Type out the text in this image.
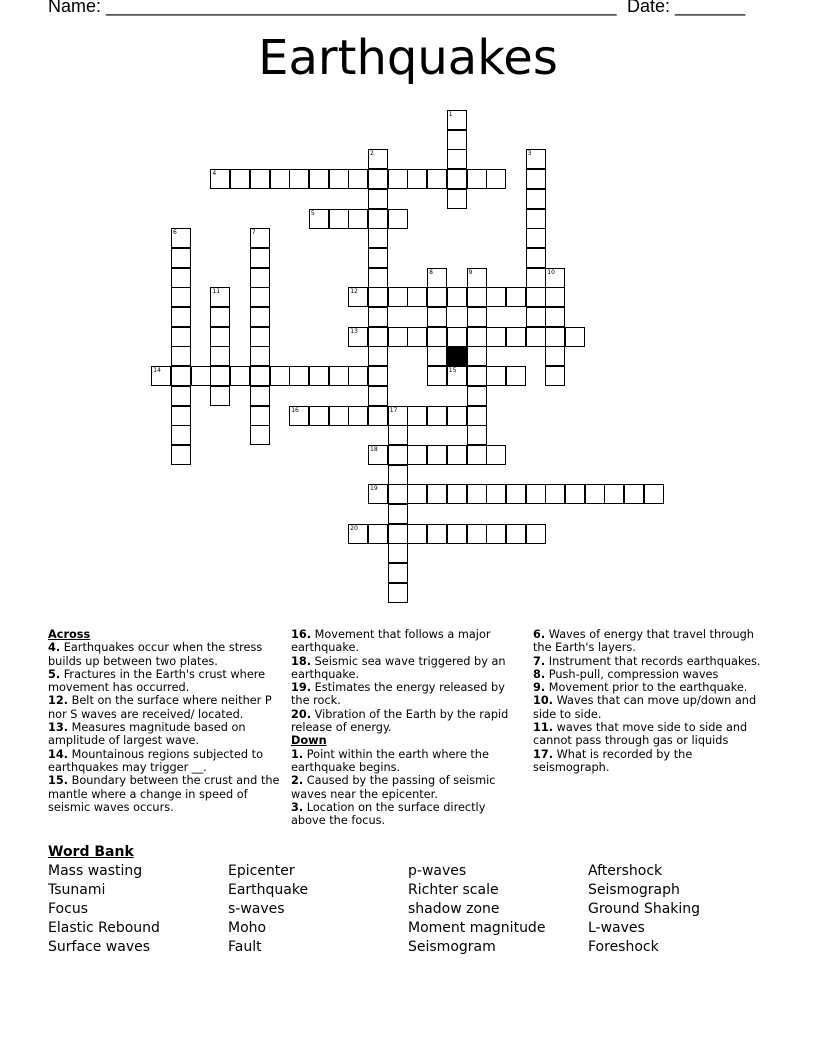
Name: ___________________________________________________ Date: _______
Earthquakes
1
2	3
4
5
6	7
8	9	10
11	12
13
14	15
16	17
18
19
20
Across
4. Earthquakes occur when the stress builds up between two plates.
5. Fractures in the Earth's crust where movement has occurred.
12. Belt on the surface where neither P nor S waves are received/ located.
13. Measures magnitude based on amplitude of largest wave.
14. Mountainous regions subjected to earthquakes may trigger __.
15. Boundary between the crust and the mantle where a change in speed of seismic waves occurs.
16. Movement that follows a major earthquake.
18. Seismic sea wave triggered by an earthquake.
19. Estimates the energy released by the rock.
20. Vibration of the Earth by the rapid release of energy.
Down
1. Point within the earth where the earthquake begins.
2. Caused by the passing of seismic waves near the epicenter.
3. Location on the surface directly above the focus.
6. Waves of energy that travel through the Earth's layers.
7. Instrument that records earthquakes.
8. Push-pull, compression waves
9. Movement prior to the earthquake.
10. Waves that can move up/down and side to side.
11. waves that move side to side and cannot pass through gas or liquids
17. What is recorded by the seismograph.
Word Bank
Mass wasting	Epicenter	p-waves	Aftershock
Tsunami	Earthquake	Richter scale	Seismograph
Focus	s-waves	shadow zone	Ground Shaking
Elastic Rebound	Moho	Moment magnitude	L-waves
Surface waves	Fault	Seismogram	Foreshock
